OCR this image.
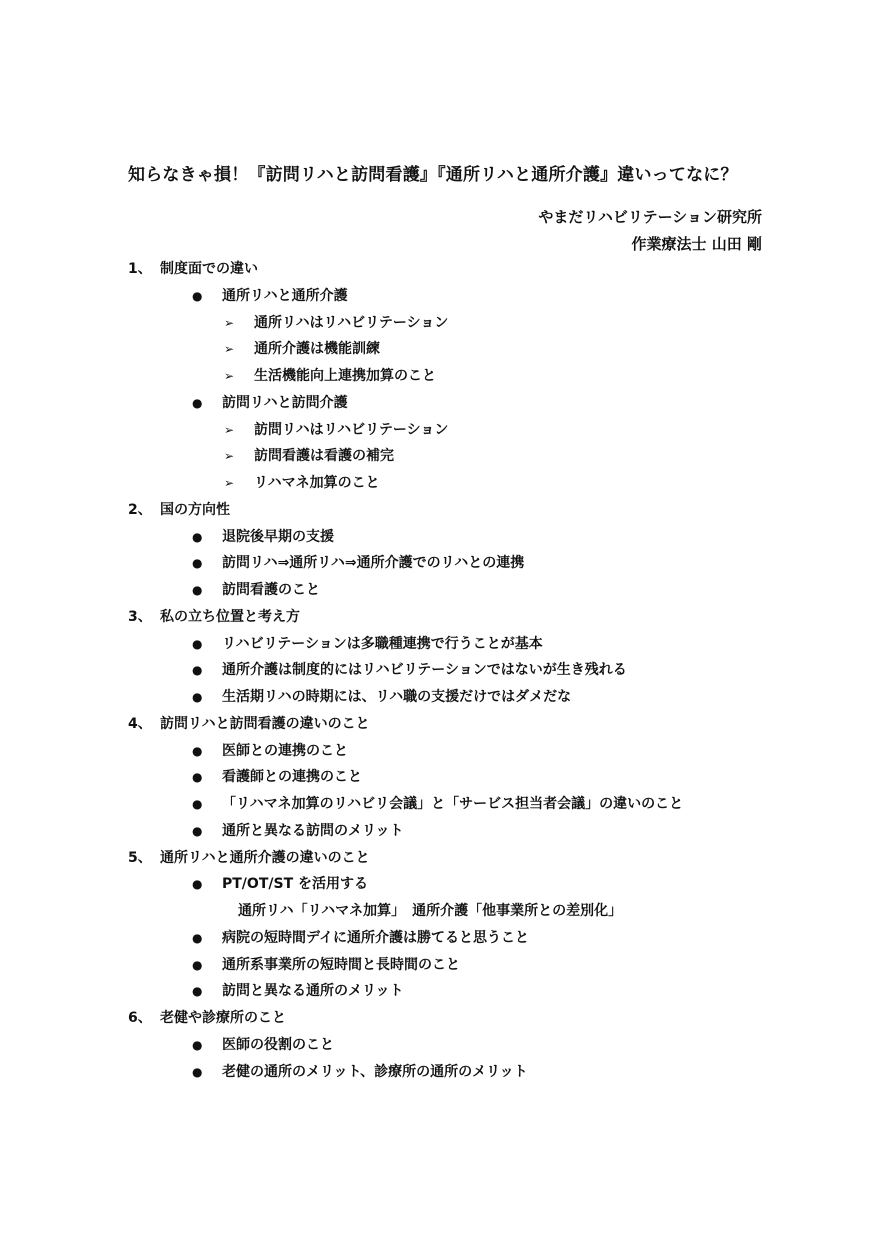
知らなきゃ損！『訪問リハと訪問看護』『通所リハと通所介護』違いってなに？
やまだリハビリテーション研究所
作業療法士 山田 剛
1、 制度面での違い
● 通所リハと通所介護
➢ 通所リハはリハビリテーション
➢ 通所介護は機能訓練
➢ 生活機能向上連携加算のこと
● 訪問リハと訪問介護
➢ 訪問リハはリハビリテーション
➢ 訪問看護は看護の補完
➢ リハマネ加算のこと
2、 国の方向性
● 退院後早期の支援
● 訪問リハ⇒通所リハ⇒通所介護でのリハとの連携
● 訪問看護のこと
3、 私の立ち位置と考え方
● リハビリテーションは多職種連携で行うことが基本
● 通所介護は制度的にはリハビリテーションではないが生き残れる
● 生活期リハの時期には、リハ職の支援だけではダメだな
4、 訪問リハと訪問看護の違いのこと
● 医師との連携のこと
● 看護師との連携のこと
● 「リハマネ加算のリハビリ会議」と「サービス担当者会議」の違いのこと
● 通所と異なる訪問のメリット
5、 通所リハと通所介護の違いのこと
● PT/OT/ST を活用する
通所リハ「リハマネ加算」　通所介護「他事業所との差別化」
● 病院の短時間デイに通所介護は勝てると思うこと
● 通所系事業所の短時間と長時間のこと
● 訪問と異なる通所のメリット
6、 老健や診療所のこと
● 医師の役割のこと
● 老健の通所のメリット、診療所の通所のメリット
